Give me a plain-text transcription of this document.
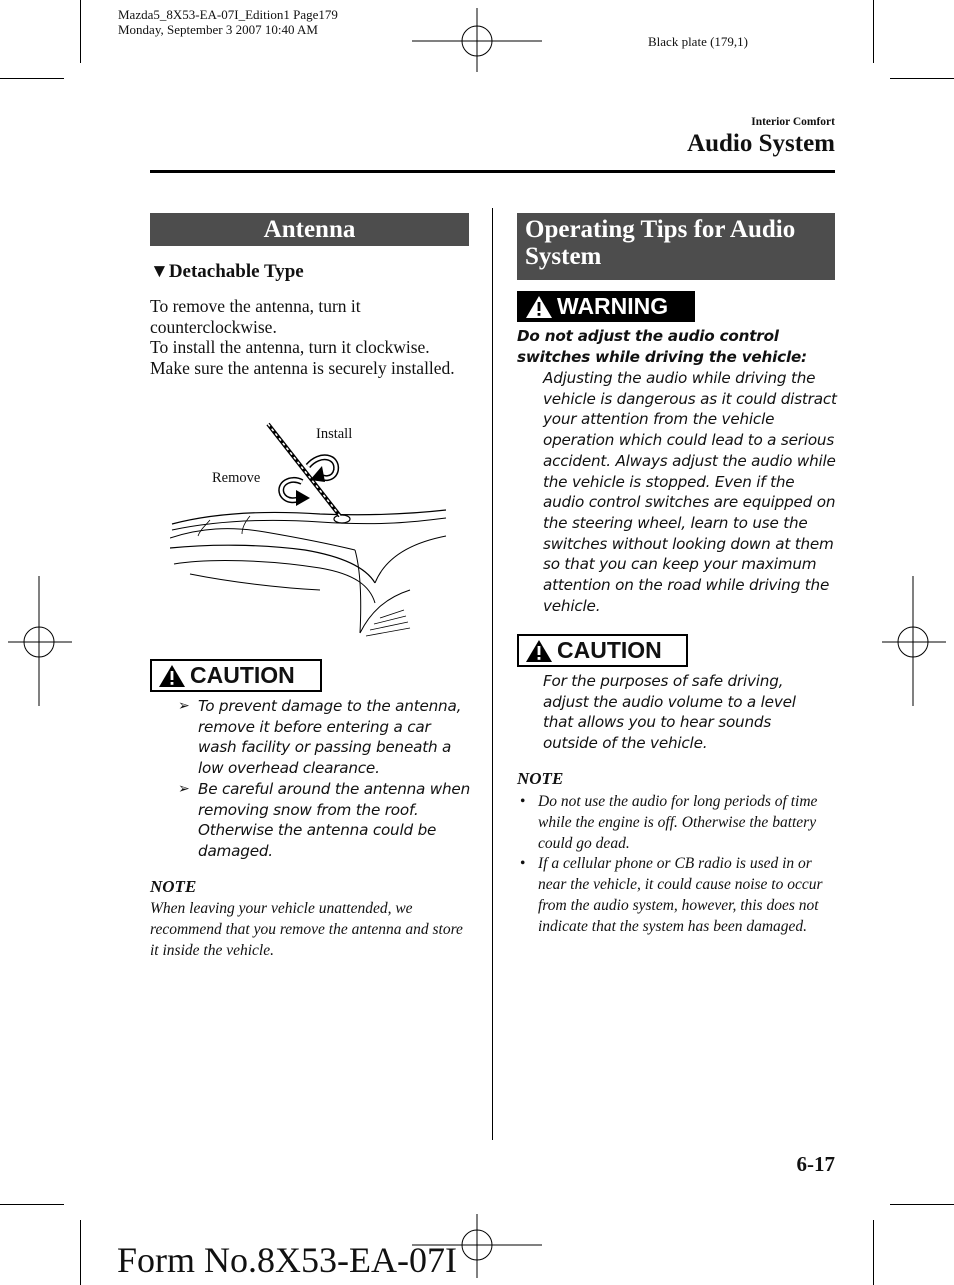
Mazda5_8X53-EA-07I_Edition1 Page179
Monday, September 3 2007 10:40 AM
Black plate (179,1)
Interior Comfort
Audio System
Antenna
▼Detachable Type
To remove the antenna, turn it counterclockwise.
To install the antenna, turn it clockwise.
Make sure the antenna is securely installed.
Install
Remove
CAUTION
➢ To prevent damage to the antenna, remove it before entering a car wash facility or passing beneath a low overhead clearance.
➢ Be careful around the antenna when removing snow from the roof. Otherwise the antenna could be damaged.
NOTE
When leaving your vehicle unattended, we recommend that you remove the antenna and store it inside the vehicle.
Operating Tips for Audio System
WARNING
Do not adjust the audio control switches while driving the vehicle:
Adjusting the audio while driving the vehicle is dangerous as it could distract your attention from the vehicle operation which could lead to a serious accident. Always adjust the audio while the vehicle is stopped. Even if the audio control switches are equipped on the steering wheel, learn to use the switches without looking down at them so that you can keep your maximum attention on the road while driving the vehicle.
CAUTION
For the purposes of safe driving, adjust the audio volume to a level that allows you to hear sounds outside of the vehicle.
NOTE
• Do not use the audio for long periods of time while the engine is off. Otherwise the battery could go dead.
• If a cellular phone or CB radio is used in or near the vehicle, it could cause noise to occur from the audio system, however, this does not indicate that the system has been damaged.
6-17
Form No.8X53-EA-07I
